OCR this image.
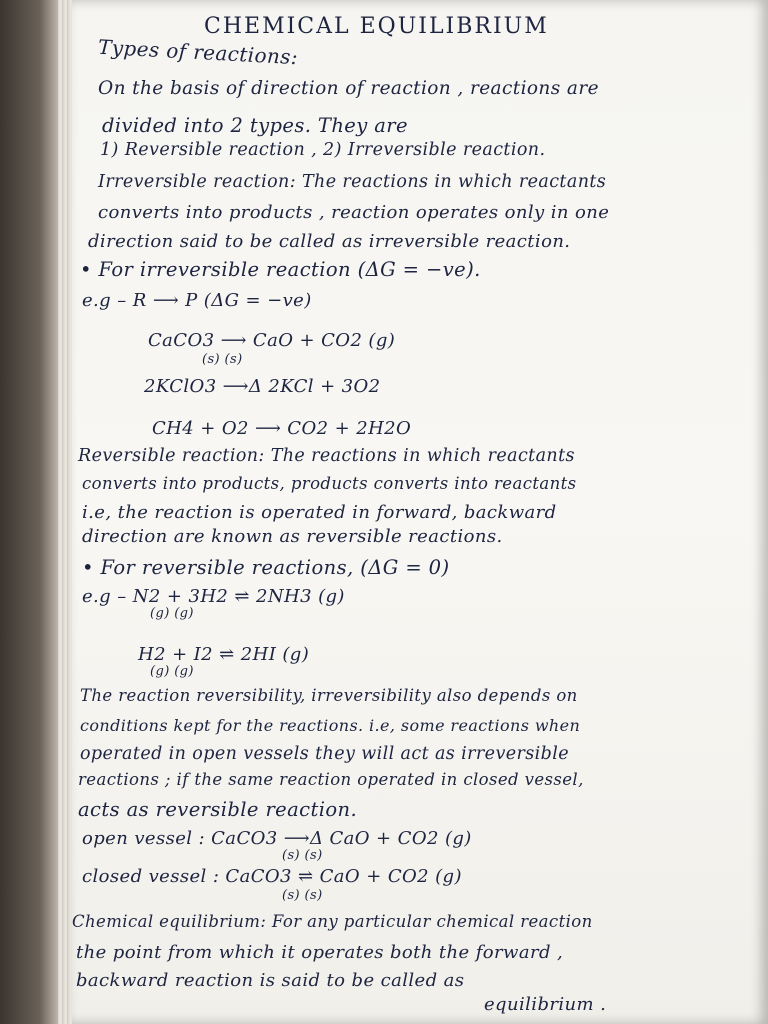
CHEMICAL EQUILIBRIUM
Types of reactions:
On the basis of direction of reaction , reactions are
divided into 2 types. They are
1) Reversible reaction , 2) Irreversible reaction.
Irreversible reaction: The reactions in which reactants
converts into products , reaction operates only in one
direction said to be called as irreversible reaction.
• For irreversible reaction (ΔG = −ve).
e.g – R ⟶ P (ΔG = −ve)
CaCO3 ⟶ CaO + CO2 (g)
(s) (s)
2KClO3 ⟶Δ 2KCl + 3O2
CH4 + O2 ⟶ CO2 + 2H2O
Reversible reaction: The reactions in which reactants
converts into products, products converts into reactants
i.e, the reaction is operated in forward, backward
direction are known as reversible reactions.
• For reversible reactions, (ΔG = 0)
e.g – N2 + 3H2 ⇌ 2NH3 (g)
(g) (g)
H2 + I2 ⇌ 2HI (g)
(g) (g)
The reaction reversibility, irreversibility also depends on
conditions kept for the reactions. i.e, some reactions when
operated in open vessels they will act as irreversible
reactions ; if the same reaction operated in closed vessel,
acts as reversible reaction.
open vessel : CaCO3 ⟶Δ CaO + CO2 (g)
(s) (s)
closed vessel : CaCO3 ⇌ CaO + CO2 (g)
(s) (s)
Chemical equilibrium: For any particular chemical reaction
the point from which it operates both the forward ,
backward reaction is said to be called as
equilibrium .
